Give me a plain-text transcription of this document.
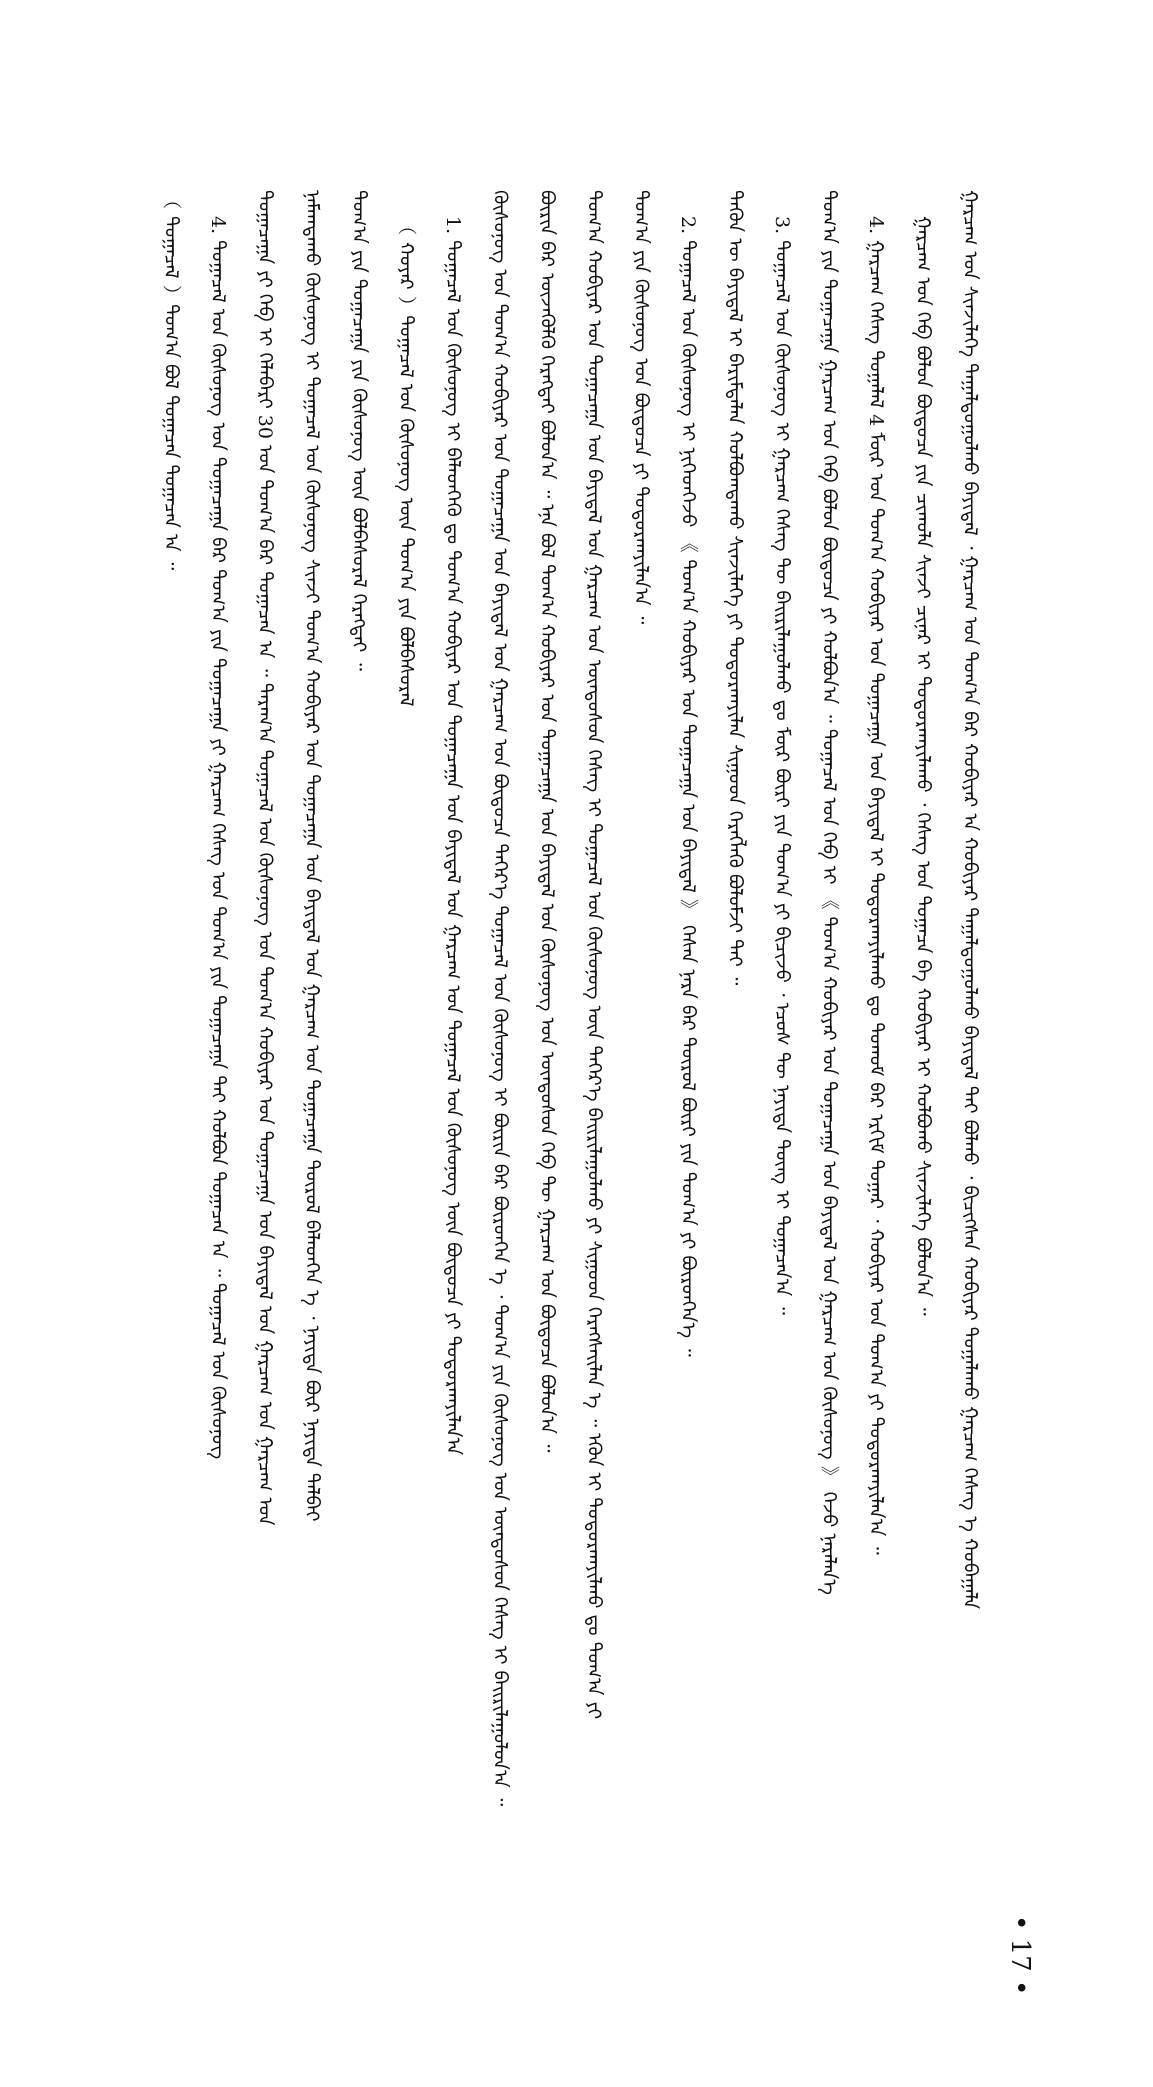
ᠭᠠᠷᠴᠠᠭ ᠤᠨ ᠰᠢᠨᠵᠢᠯᠡᠭᠡ ᠳᠠᠭᠠᠯᠳᠤᠭᠤᠯᠬᠤ ᠪᠠᠶᠢᠳᠠᠯ ᠂ ᠭᠠᠷᠴᠠᠭ ᠤᠨ ᠲᠣᠭ᠎ᠠ ᠪᠠᠷ ᠬᠤᠪᠢᠶᠠᠷ ᠠ ᠬᠤᠪᠢᠶᠠᠷ ᠳᠠᠭᠠᠯᠳᠤᠭᠤᠯᠬᠤ ᠪᠠᠶᠢᠳᠠᠯ ᠲᠠᠢ ᠪᠣᠯᠬᠤ ᠂ ᠪᠢᠴᠢᠭᠰᠡᠨ ᠬᠤᠪᠢᠶᠠᠷ ᠲᠣᠭᠠᠯᠠᠬᠤ ᠭᠠᠷᠴᠠᠭ ᠬᠡᠰᠡᠭ ᠡ ᠬᠤᠪᠠᠭᠠᠯᠠ
ᠭᠠᠷᠴᠠᠭ ᠤᠨ ᠬᠡᠪ ᠪᠣᠯᠤᠨ ᠪᠦᠲᠦᠴᠡ ᠶᠢᠨ ᠴᠢᠬᠤᠯᠠ ᠰᠢᠨᠵᠢ ᠴᠢᠨᠠᠷ ᠢ ᠲᠣᠳᠤᠷᠬᠠᠶᠢᠯᠠᠬᠤ ᠂ ᠬᠡᠰᠡᠭ ᠤᠨ ᠲᠣᠭᠠᠴᠠ ᠪᠠ ᠬᠤᠪᠢᠶᠠᠷ ᠢ ᠬᠣᠯᠪᠣᠬᠤ ᠰᠢᠨᠵᠢᠯᠡᠭᠡ ᠪᠣᠯᠤᠨ᠎ᠠ ᠃
4. ᠭᠠᠷᠴᠠᠭ ᠬᠡᠰᠡᠭ ᠲᠣᠭᠠᠯᠠᠯ 4 ᠮᠦᠷ ᠤᠨ ᠲᠣᠭ᠎ᠠ ᠬᠤᠪᠢᠶᠠᠷ ᠤᠨ ᠲᠣᠭᠠᠴᠠᠭᠠ ᠤᠨ ᠪᠠᠶᠢᠳᠠᠯ ᠢ ᠲᠣᠳᠤᠷᠬᠠᠶᠢᠯᠠᠬᠤ ᠳᠤ ᠳᠤᠬᠤᠮ ᠪᠡᠷ ᠡᠷᠬᠢᠮ ᠳᠤᠭᠠᠷ ᠂ ᠬᠤᠪᠢᠶᠠᠷ ᠤᠨ ᠲᠣᠭ᠎ᠠ ᠶᠢ ᠲᠣᠳᠤᠷᠬᠠᠶᠢᠯᠠᠨ᠎ᠠ ᠃
ᠲᠣᠭ᠎ᠠ ᠶᠢᠨ ᠲᠣᠭᠠᠴᠠᠭᠠ ᠭᠠᠷᠴᠠᠭ ᠤᠨ ᠬᠡᠪ ᠪᠣᠯᠤᠨ ᠪᠦᠲᠦᠴᠡ ᠶᠢ ᠬᠣᠯᠪᠣᠨ᠎ᠠ ᠃ ᠲᠣᠭᠠᠴᠠᠯ ᠤᠨ ᠬᠡᠪ ᠢ 《 ᠲᠣᠭ᠎ᠠ ᠬᠤᠪᠢᠶᠠᠷ ᠤᠨ ᠲᠣᠭᠠᠴᠠᠭᠠ ᠤᠨ ᠪᠠᠶᠢᠳᠠᠯ ᠤᠨ ᠭᠠᠷᠴᠠᠭ ᠤᠨ ᠬᠦᠰᠦᠨᠦᠭ 》 ᠭᠡᠵᠦ ᠨᠡᠷᠡᠯᠡᠨ᠎ᠡ
3. ᠲᠣᠭᠠᠴᠠᠯ ᠤᠨ ᠬᠦᠰᠦᠨᠦᠭ ᠢ ᠭᠠᠷᠴᠠᠭ ᠬᠡᠰᠡᠭ ᠲᠦ ᠪᠠᠢᠷᠢᠯᠠᠭᠤᠯᠬᠤ ᠳᠤ ᠮᠥᠷ ᠪᠦᠷᠢ ᠶᠢᠨ ᠲᠣᠭ᠎ᠠ ᠶᠢ ᠪᠢᠴᠢᠵᠦ ᠂ ᠡᠴᠦᠰ ᠲᠦ ᠨᠡᠶᠢᠲᠡ ᠳᠦᠩ ᠢ ᠲᠣᠭᠠᠴᠠᠨ᠎ᠠ ᠃
ᠲᠡᠭᠦᠨ ᠦ ᠪᠠᠶᠢᠳᠠᠯ ᠢ ᠪᠠᠷᠢᠮᠲᠠᠯᠠᠨ ᠬᠣᠯᠪᠣᠭᠳᠠᠬᠤ ᠰᠢᠨᠵᠢᠯᠡᠭᠡ ᠶᠢ ᠲᠣᠳᠤᠷᠬᠠᠶᠢᠯᠠᠨ ᠰᠢᠭᠤᠳ ᠬᠡᠷᠡᠭᠯᠡᠬᠦ ᠪᠣᠯᠤᠮᠵᠢ ᠲᠠᠢ ᠃
2. ᠲᠣᠭᠠᠴᠠᠯ ᠤᠨ ᠬᠦᠰᠦᠨᠦᠭ ᠢ ᠨᠢᠭᠡᠳᠬᠡᠵᠦ 《 ᠲᠣᠭ᠎ᠠ ᠬᠤᠪᠢᠶᠠᠷ ᠤᠨ ᠲᠣᠭᠠᠴᠠᠭᠠ ᠤᠨ ᠪᠠᠶᠢᠳᠠᠯ 》 ᠭᠡᠰᠡᠨ ᠨᠡᠷᠡ ᠪᠡᠷ ᠲᠦᠷᠦᠯ ᠪᠦᠷᠢ ᠶᠢᠨ ᠲᠣᠭ᠎ᠠ ᠶᠢ ᠪᠦᠷᠳᠭᠡᠨ᠎ᠡ ᠃
ᠲᠣᠭ᠎ᠠ ᠶᠢᠨ ᠬᠦᠰᠦᠨᠦᠭ ᠤᠨ ᠪᠦᠲᠦᠴᠡ ᠶᠢ ᠲᠣᠳᠤᠷᠬᠠᠶᠢᠯᠠᠨ᠎ᠠ ᠃
ᠲᠣᠭ᠎ᠠ ᠬᠤᠪᠢᠶᠠᠷ ᠤᠨ ᠲᠣᠭᠠᠴᠠᠭᠠ ᠤᠨ ᠪᠠᠶᠢᠳᠠᠯ ᠤᠨ ᠭᠠᠷᠴᠠᠭ ᠤᠨ ᠦᠨᠳᠦᠰᠦᠨ ᠬᠡᠰᠡᠭ ᠢ ᠲᠣᠭᠠᠴᠠᠯ ᠤᠨ ᠬᠦᠰᠦᠨᠦᠭ ᠦᠨ ᠳᠡᠭᠡᠷ᠎ᠡ ᠪᠠᠢᠷᠢᠯᠠᠭᠤᠯᠬᠤ ᠶᠢ ᠰᠢᠭᠤᠳ ᠬᠡᠷᠡᠭᠰᠡᠢᠯᠡᠨ ᠡ ᠃ ᠡᠭᠦᠨ ᠢ ᠲᠣᠳᠤᠷᠬᠠᠶᠢᠯᠬᠤ ᠳᠤ ᠲᠣᠭ᠎ᠠ ᠶᠢ
ᠪᠦᠷᠢᠨ ᠪᠠᠷ ᠦᠵᠡᠭᠦᠯᠬᠦ ᠬᠡᠷᠡᠭᠲᠡᠢ ᠪᠣᠯᠤᠨ᠎ᠠ ᠃ ᠡᠨᠡ ᠪᠣᠯ ᠲᠣᠭ᠎ᠠ ᠬᠤᠪᠢᠶᠠᠷ ᠤᠨ ᠲᠣᠭᠠᠴᠠᠭᠠ ᠤᠨ ᠪᠠᠶᠢᠳᠠᠯ ᠤᠨ ᠬᠦᠰᠦᠨᠦᠭ ᠤᠨ ᠦᠨᠳᠦᠰᠦᠨ ᠬᠡᠪ ᠲᠦ ᠭᠠᠷᠴᠠᠭ ᠤᠨ ᠪᠦᠲᠦᠴᠡ ᠪᠣᠯᠤᠨ᠎ᠠ ᠃
ᠬᠦᠰᠦᠨᠦᠭ ᠤᠨ ᠲᠣᠭ᠎ᠠ ᠬᠤᠪᠢᠶᠠᠷ ᠤᠨ ᠲᠣᠭᠠᠴᠠᠭᠠ ᠤᠨ ᠪᠠᠶᠢᠳᠠᠯ ᠤᠨ ᠭᠠᠷᠴᠠᠭ ᠤᠨ ᠪᠦᠲᠦᠴᠡ ᠳᠡᠭᠡᠷ᠎ᠡ ᠲᠣᠭᠠᠴᠠᠯ ᠤᠨ ᠬᠦᠰᠦᠨᠦᠭ ᠢ ᠪᠦᠷᠢᠨ ᠪᠠᠷ ᠪᠦᠷᠳᠭᠡᠨ ᠡ ᠂ ᠲᠣᠭ᠎ᠠ ᠶᠢᠨ ᠬᠦᠰᠦᠨᠦᠭ ᠤᠨ ᠦᠨᠳᠦᠰᠦᠨ ᠬᠡᠰᠡᠭ ᠢ ᠪᠠᠢᠷᠢᠯᠠᠭᠤᠯᠤᠨ᠎ᠠ ᠃
1. ᠲᠣᠭᠠᠴᠠᠯ ᠤᠨ ᠬᠦᠰᠦᠨᠦᠭ ᠢ ᠪᠡᠯᠡᠳᠬᠡᠬᠦ ᠳᠤ ᠲᠣᠭ᠎ᠠ ᠬᠤᠪᠢᠶᠠᠷ ᠤᠨ ᠲᠣᠭᠠᠴᠠᠭᠠ ᠤᠨ ᠪᠠᠶᠢᠳᠠᠯ ᠤᠨ ᠭᠠᠷᠴᠠᠭ ᠤᠨ ᠲᠣᠭᠠᠴᠠᠯ ᠤᠨ ᠬᠦᠰᠦᠨᠦᠭ ᠦᠨ ᠪᠦᠲᠦᠴᠡ ᠶᠢ ᠲᠣᠳᠤᠷᠬᠠᠶᠢᠯᠠᠨ᠎ᠠ
（ ᠬᠣᠶᠠᠷ ）ᠲᠣᠭᠠᠴᠠᠯ ᠤᠨ ᠬᠦᠰᠦᠨᠦᠭ ᠦᠨ ᠲᠣᠭ᠎ᠠ ᠶᠢᠨ ᠪᠣᠯᠪᠠᠰᠤᠷᠠᠯ
ᠲᠣᠭ᠎ᠠ ᠶᠢᠨ ᠲᠣᠭᠠᠴᠠᠭᠠ ᠶᠢᠨ ᠬᠦᠰᠦᠨᠦᠭ ᠦᠨ ᠪᠣᠯᠪᠠᠰᠤᠷᠠᠯ ᠬᠡᠷᠡᠭᠲᠡᠢ ᠃
ᠨᠠᠮᠠᠭᠳᠠᠬᠤ ᠬᠦᠰᠦᠨᠦᠭ ᠢ ᠲᠣᠭᠠᠴᠠᠯ ᠤᠨ ᠬᠦᠰᠦᠨᠦᠭ ᠰᠢᠨᠵᠢ ᠲᠣᠭ᠎ᠠ ᠬᠤᠪᠢᠶᠠᠷ ᠤᠨ ᠲᠣᠭᠠᠴᠠᠭᠠ ᠤᠨ ᠪᠠᠶᠢᠳᠠᠯ ᠤᠨ ᠭᠠᠷᠴᠠᠭ ᠤᠨ ᠲᠣᠭᠠᠴᠠᠭᠠ ᠲᠦᠷᠦᠯ ᠪᠡᠯᠡᠳᠬᠡᠨ ᠡ ᠂ ᠨᠡᠶᠢᠲᠡ ᠪᠦᠷ ᠨᠡᠶᠢᠲᠡ ᠳᠠᠯᠪᠠᠢ
ᠲᠣᠭᠠᠴᠠᠭᠠ ᠶᠢ ᠬᠡᠪ ᠢ ᠬᠡᠯᠡᠪᠡᠷᠢ 30 ᠤᠨ ᠲᠣᠭ᠎ᠠ ᠪᠠᠷ ᠲᠣᠭᠠᠴᠠᠨ ᠠ ᠃ ᠳᠠᠷᠠᠭ᠎ᠠ ᠲᠣᠭᠠᠴᠠᠯ ᠤᠨ ᠬᠦᠰᠦᠨᠦᠭ ᠤᠨ ᠲᠣᠭ᠎ᠠ ᠬᠤᠪᠢᠶᠠᠷ ᠤᠨ ᠲᠣᠭᠠᠴᠠᠭᠠ ᠤᠨ ᠪᠠᠶᠢᠳᠠᠯ ᠤᠨ ᠭᠠᠷᠴᠠᠭ ᠤᠨ ᠭᠠᠷᠴᠠᠭ ᠤᠨ
4. ᠲᠣᠭᠠᠴᠠᠯ ᠤᠨ ᠬᠦᠰᠦᠨᠦᠭ ᠤᠨ ᠲᠣᠭᠠᠴᠠᠭᠠ ᠪᠠᠷ ᠲᠣᠭ᠎ᠠ ᠶᠢᠨ ᠲᠣᠭᠠᠴᠠᠭᠠ ᠶᠢ ᠭᠠᠷᠴᠠᠭ ᠬᠡᠰᠡᠭ ᠤᠨ ᠲᠣᠭ᠎ᠠ ᠶᠢᠨ ᠲᠣᠭᠠᠴᠠᠭᠠ ᠲᠠᠢ ᠬᠣᠯᠪᠣᠨ ᠲᠣᠭᠠᠴᠠᠨ ᠠ ᠃ ᠲᠣᠭᠠᠴᠠᠯ ᠤᠨ ᠬᠦᠰᠦᠨᠦᠭ
（ ᠲᠣᠭᠠᠴᠠᠯ ）ᠲᠣᠭ᠎ᠠ ᠪᠣᠯ ᠲᠣᠭᠠᠴᠠᠨ ᠲᠣᠭᠠᠴᠠᠨ ᠠ ᠃
• 17 •
